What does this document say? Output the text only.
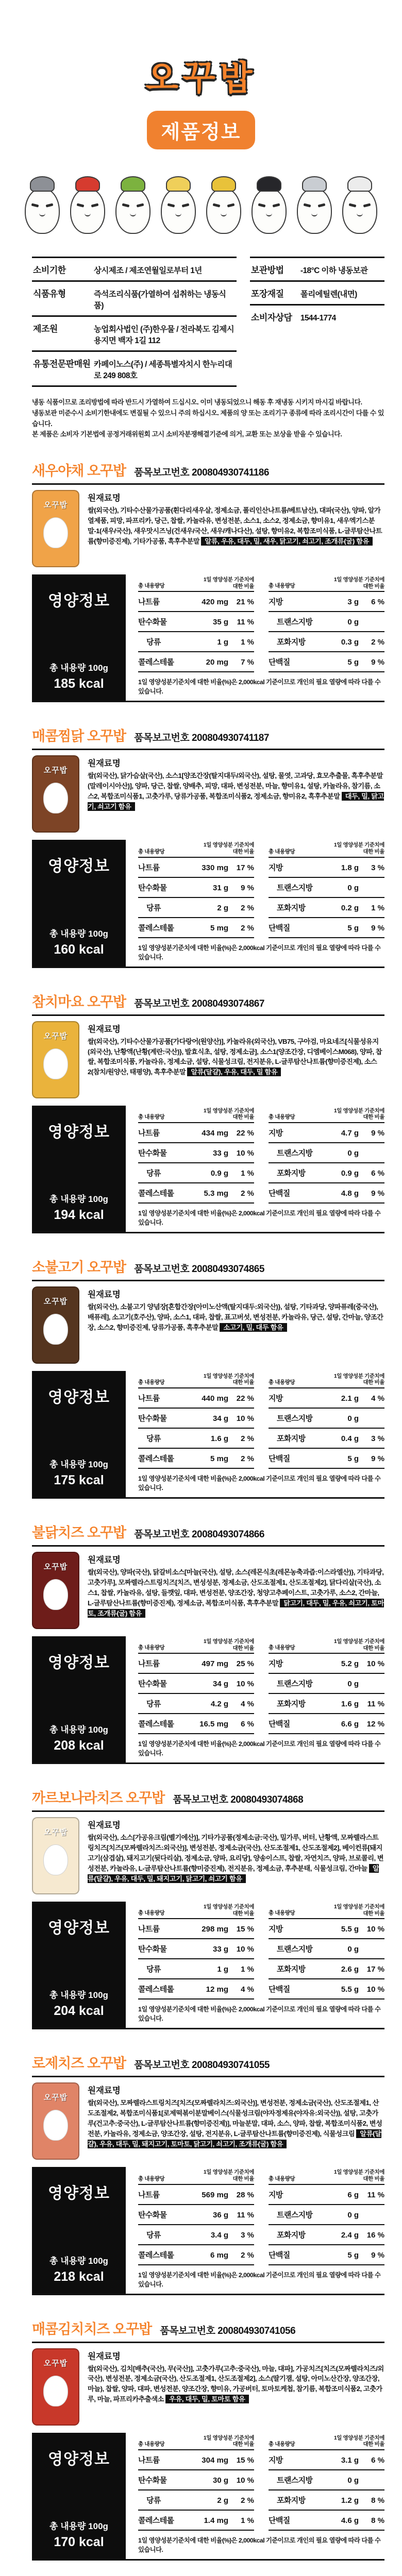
오꾸밥
제품정보
소비기한	상시제조 / 제조연월일로부터 1년
식품유형	즉석조리식품(가열하여 섭취하는 냉동식품)
제조원	농업회사법인 (주)한우물 / 전라북도 김제시 용지면 백자 1길 112
유통전문판매원 카페이노스(주) / 세종특별자치시 한누리대로 249 808호
보관방법	-18°C 이하 냉동보관
포장재질	폴리에틸렌(내면)
소비자상담	1544-1774
냉동 식품이므로 조리방법에 따라 반드시 가열하여 드십시오. 이미 냉동되었으니 해동 후 재냉동 시키지 마시길 바랍니다.
냉동보관 미준수시 소비기한내에도 변질될 수 있으니 주의 하십시오. 제품의 양 또는 조리기구 종류에 따라 조리시간이 다를 수 있습니다.
본 제품은 소비자 기본법에 공정거래위원회 고시 소비자분쟁해결기준에 의거, 교환 또는 보상을 받을 수 있습니다.
새우야채 오꾸밥 품목보고번호 200804930741186
오꾸밥
원재료명
쌀(외국산), 기타수산물가공품(흰다리새우살, 정제소금, 폴리인산나트륨/베트남산), 대파(국산), 양파, 알가열제품, 피망, 파프리카, 당근, 찹쌀, 카놀라유, 변성전분, 소스1, 소스2, 정제소금, 향미유1, 새우엑기스분말-1(새우/국산), 새우맛시즈닝(건새우/국산, 새우/캐나다산), 설탕, 향미유2, 복합조미식품, L-글루탐산나트륨(향미증진제), 기타가공품, 흑후추분말 알류, 우유, 대두, 밀, 새우, 닭고기, 쇠고기, 조개류(굴) 함유
영양정보
총 내용량 100g
185 kcal
총 내용량당
1일 영양성분 기준치에 대한 비율
나트륨	420 mg	21 %
탄수화물	35 g	11 %
당류	1 g	1 %
콜레스테롤	20 mg	7 %
총 내용량당
1일 영양성분 기준치에 대한 비율
지방	3 g	6 %
트랜스지방	0 g
포화지방	0.3 g	2 %
단백질	5 g	9 %
1일 영양성분기준치에 대한 비율(%)은 2,000kcal 기준이므로 개인의 필요 열량에 따라 다를 수 있습니다.
매콤찜닭 오꾸밥 품목보고번호 200804930741187
오꾸밥
원재료명
쌀(외국산), 닭가슴살(국산), 소스1[양조간장(탈지대두/외국산), 설탕, 물엿, 고과당, 효모추출물, 흑후추분말(말레이시아산)], 양파, 당근, 찹쌀, 양배추, 피망, 대파, 변성전분, 마늘, 향미유1, 설탕, 카놀라유, 참기름, 소스2, 복합조미식품1, 고춧가루, 당류가공품, 복합조미식품2, 정제소금, 향미유2, 흑후추분말 대두, 밀, 닭고기, 쇠고기 함유
영양정보
총 내용량 100g
160 kcal
총 내용량당
1일 영양성분 기준치에 대한 비율
나트륨	330 mg	17 %
탄수화물	31 g	9 %
당류	2 g	2 %
콜레스테롤	5 mg	2 %
총 내용량당
1일 영양성분 기준치에 대한 비율
지방	1.8 g	3 %
트랜스지방	0 g
포화지방	0.2 g	1 %
단백질	5 g	9 %
1일 영양성분기준치에 대한 비율(%)은 2,000kcal 기준이므로 개인의 필요 열량에 따라 다를 수 있습니다.
참치마요 오꾸밥 품목보고번호 20080493074867
오꾸밥
원재료명
쌀(외국산), 기타수산물가공품[가다랑어(원양산)], 카놀라유(외국산), VB75, 구아검, 마요네즈[식물성유지(외국산), 난황액{난황(계란:국산)}, 발효식초, 설탕, 정제소금], 소스1(양조간장, 디엠베이스M068), 양파, 찹쌀, 복합조미식품, 카놀라유, 정제소금, 설탕, 식물성크림, 전지분유, L-글루탐산나트륨(향미증진제), 소스2(참치/원양산, 태평양), 흑후추분말 알류(달걀), 우유, 대두, 밀 함유
영양정보
총 내용량 100g
194 kcal
총 내용량당
1일 영양성분 기준치에 대한 비율
나트륨	434 mg	22 %
탄수화물	33 g	10 %
당류	0.9 g	1 %
콜레스테롤	5.3 mg	2 %
총 내용량당
1일 영양성분 기준치에 대한 비율
지방	4.7 g	9 %
트랜스지방	0 g
포화지방	0.9 g	6 %
단백질	4.8 g	9 %
1일 영양성분기준치에 대한 비율(%)은 2,000kcal 기준이므로 개인의 필요 열량에 따라 다를 수 있습니다.
소불고기 오꾸밥 품목보고번호 20080493074865
오꾸밥
원재료명
쌀(외국산), 소불고기 양념장[혼합간장{아미노산액(탈지대두:외국산)}, 설탕, 기타과당, 양파퓨레(중국산), 배퓨레], 소고기(호주산), 양파, 소스1, 대파, 찹쌀, 표고버섯, 변성전분, 카놀라유, 당근, 설탕, 간마늘, 양조간장, 소스2, 향미증진제, 당류가공품, 흑후추분말 소고기, 밀, 대두 함유
영양정보
총 내용량 100g
175 kcal
총 내용량당
1일 영양성분 기준치에 대한 비율
나트륨	440 mg	22 %
탄수화물	34 g	10 %
당류	1.6 g	2 %
콜레스테롤	5 mg	2 %
총 내용량당
1일 영양성분 기준치에 대한 비율
지방	2.1 g	4 %
트랜스지방	0 g
포화지방	0.4 g	3 %
단백질	5 g	9 %
1일 영양성분기준치에 대한 비율(%)은 2,000kcal 기준이므로 개인의 필요 열량에 따라 다를 수 있습니다.
불닭치즈 오꾸밥 품목보고번호 20080493074866
오꾸밥
원재료명
쌀(외국산), 양파(국산), 닭갈비소스[마늘(국산), 설탕, 소스{레몬식초(레몬농축과즙:이스라엘산)}, 기타과당, 고춧가루], 모짜렐라스트링치즈[치즈, 변성성분, 정제소금, 산도조절제1, 산도조절제2], 닭다리살(국산), 소스1, 찹쌀, 카놀라유, 설탕, 들깻잎, 대파, 변성전분, 양조간장, 청양고추페이스트, 고춧가루, 소스2, 간마늘, L-글루탐산나트륨(향미증진제), 정제소금, 복합조미식품, 흑후추분말 닭고기, 대두, 밀, 우유, 쇠고기, 토마토, 조개류(굴) 함유
영양정보
총 내용량 100g
208 kcal
총 내용량당
1일 영양성분 기준치에 대한 비율
나트륨	497 mg	25 %
탄수화물	34 g	10 %
당류	4.2 g	4 %
콜레스테롤	16.5 mg	6 %
총 내용량당
1일 영양성분 기준치에 대한 비율
지방	5.2 g	10 %
트랜스지방	0 g
포화지방	1.6 g	11 %
단백질	6.6 g	12 %
1일 영양성분기준치에 대한 비율(%)은 2,000kcal 기준이므로 개인의 필요 열량에 따라 다를 수 있습니다.
까르보나라치즈 오꾸밥 품목보고번호 20080493074868
오꾸밥
원재료명
쌀(외국산), 소스[가공유크림(벨기에산)], 기타가공품(정제소금:국산), 밀가루, 버터, 난황액, 모짜렐라스트링치즈[치즈(모짜렐라치즈:외국산)], 변성전분, 정제소금(국산), 산도조절제1, 산도조절제2], 베이컨류[돼지고기(삼겹살), 돼지고기(뒷다리살), 정제소금, 양파, 요리당], 양송이스프, 찹쌀, 자연치즈, 양파, 브로콜리, 변성전분, 카놀라유, L-글루탐산나트륨(향미증진제), 전지분유, 정제소금, 후추분태, 식물성크림, 간마늘 알류(달걀), 우유, 대두, 밀, 돼지고기, 닭고기, 쇠고기 함유
영양정보
총 내용량 100g
204 kcal
총 내용량당
1일 영양성분 기준치에 대한 비율
나트륨	298 mg	15 %
탄수화물	33 g	10 %
당류	1 g	1 %
콜레스테롤	12 mg	4 %
총 내용량당
1일 영양성분 기준치에 대한 비율
지방	5.5 g	10 %
트랜스지방	0 g
포화지방	2.6 g	17 %
단백질	5.5 g	10 %
1일 영양성분기준치에 대한 비율(%)은 2,000kcal 기준이므로 개인의 필요 열량에 따라 다를 수 있습니다.
로제치즈 오꾸밥 품목보고번호 200804930741055
오꾸밥
원재료명
쌀(외국산), 모짜렐라스트링치즈[치즈(모짜렐라치즈:외국산)], 변성전분, 정제소금(국산), 산도조절제1, 산도조절제2, 복합조미식품1[로제떡볶이분말베이스(식물성크림(야자정제유(야자유:외국산)), 설탕, 고춧가루(건고추:중국산), L-글루탐산나트륨(향미증진제)], 마늘분말, 대파, 소스, 양파, 찹쌀, 복합조미식품2, 변성전분, 카놀라유, 정제소금, 양조간장, 설탕, 전지분유, L-글루탐산나트륨(향미증진제), 식물성크림 알류(달걀), 우유, 대두, 밀, 돼지고기, 토마토, 닭고기, 쇠고기, 조개류(굴) 함유
영양정보
총 내용량 100g
218 kcal
총 내용량당
1일 영양성분 기준치에 대한 비율
나트륨	569 mg	28 %
탄수화물	36 g	11 %
당류	3.4 g	3 %
콜레스테롤	6 mg	2 %
총 내용량당
1일 영양성분 기준치에 대한 비율
지방	6 g	11 %
트랜스지방	0 g
포화지방	2.4 g	16 %
단백질	5 g	9 %
1일 영양성분기준치에 대한 비율(%)은 2,000kcal 기준이므로 개인의 필요 열량에 따라 다를 수 있습니다.
매콤김치치즈 오꾸밥 품목보고번호 200804930741056
오꾸밥
원재료명
쌀(외국산), 김치[배추(국산), 무(국산)], 고춧가루(고추:중국산), 마늘, 대파], 가공치즈[치즈(모짜렐라치즈/외국산), 변성전분, 정제소금(국산), 산도조절제1, 산도조절제2], 소스(딸기잼, 설탕, 아미노산간장, 양조간장, 마늘), 찹쌀, 양파, 대파, 변성전분, 양조간장, 향미유, 가공버터, 토마토케첩, 참기름, 복합조미식품2, 고춧가루, 마늘, 파프리카추출색소 우유, 대두, 밀, 토마토 함유
영양정보
총 내용량 100g
170 kcal
총 내용량당
1일 영양성분 기준치에 대한 비율
나트륨	304 mg	15 %
탄수화물	30 g	10 %
당류	2 g	2 %
콜레스테롤	1.4 mg	1 %
총 내용량당
1일 영양성분 기준치에 대한 비율
지방	3.1 g	6 %
트랜스지방	0 g
포화지방	1.2 g	8 %
단백질	4.6 g	8 %
1일 영양성분기준치에 대한 비율(%)은 2,000kcal 기준이므로 개인의 필요 열량에 따라 다를 수 있습니다.
